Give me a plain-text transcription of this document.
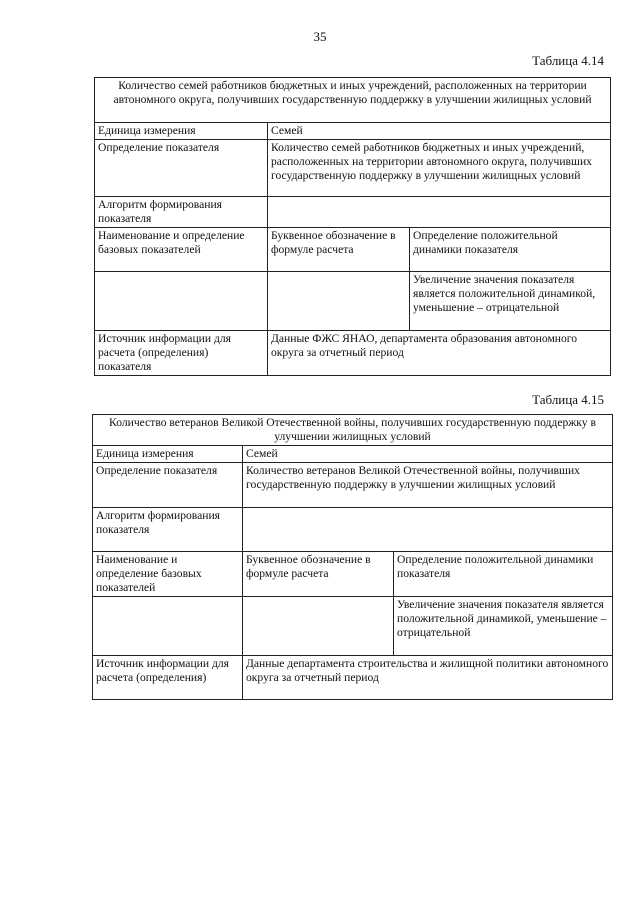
35
Таблица 4.14
Количество семей работников бюджетных и иных учреждений, расположенных на территории автономного округа, получивших государственную поддержку в улучшении жилищных условий		
Единица измерения	Семей	
Определение показателя	Количество семей работников бюджетных и иных учреждений, расположенных на территории автономного округа, получивших государственную поддержку в улучшении жилищных условий	
Алгоритм формирования показателя		
Наименование и определение базовых показателей	Буквенное обозначение в формуле расчета	Определение положительной динамики показателя
		Увеличение значения показателя является положительной динамикой, уменьшение – отрицательной
Источник информации для расчета (определения) показателя	Данные ФЖС ЯНАО, департамента образования автономного округа за отчетный период	
Таблица 4.15
Количество ветеранов Великой Отечественной войны, получивших государственную поддержку в улучшении жилищных условий		
Единица измерения	Семей	
Определение показателя	Количество ветеранов Великой Отечественной войны, получивших государственную поддержку в улучшении жилищных условий	
Алгоритм формирования показателя		
Наименование и определение базовых показателей	Буквенное обозначение в формуле расчета	Определение положительной динамики показателя
		Увеличение значения показателя является положительной динамикой, уменьшение – отрицательной
Источник информации для расчета (определения)	Данные департамента строительства и жилищной политики автономного округа за отчетный период	
